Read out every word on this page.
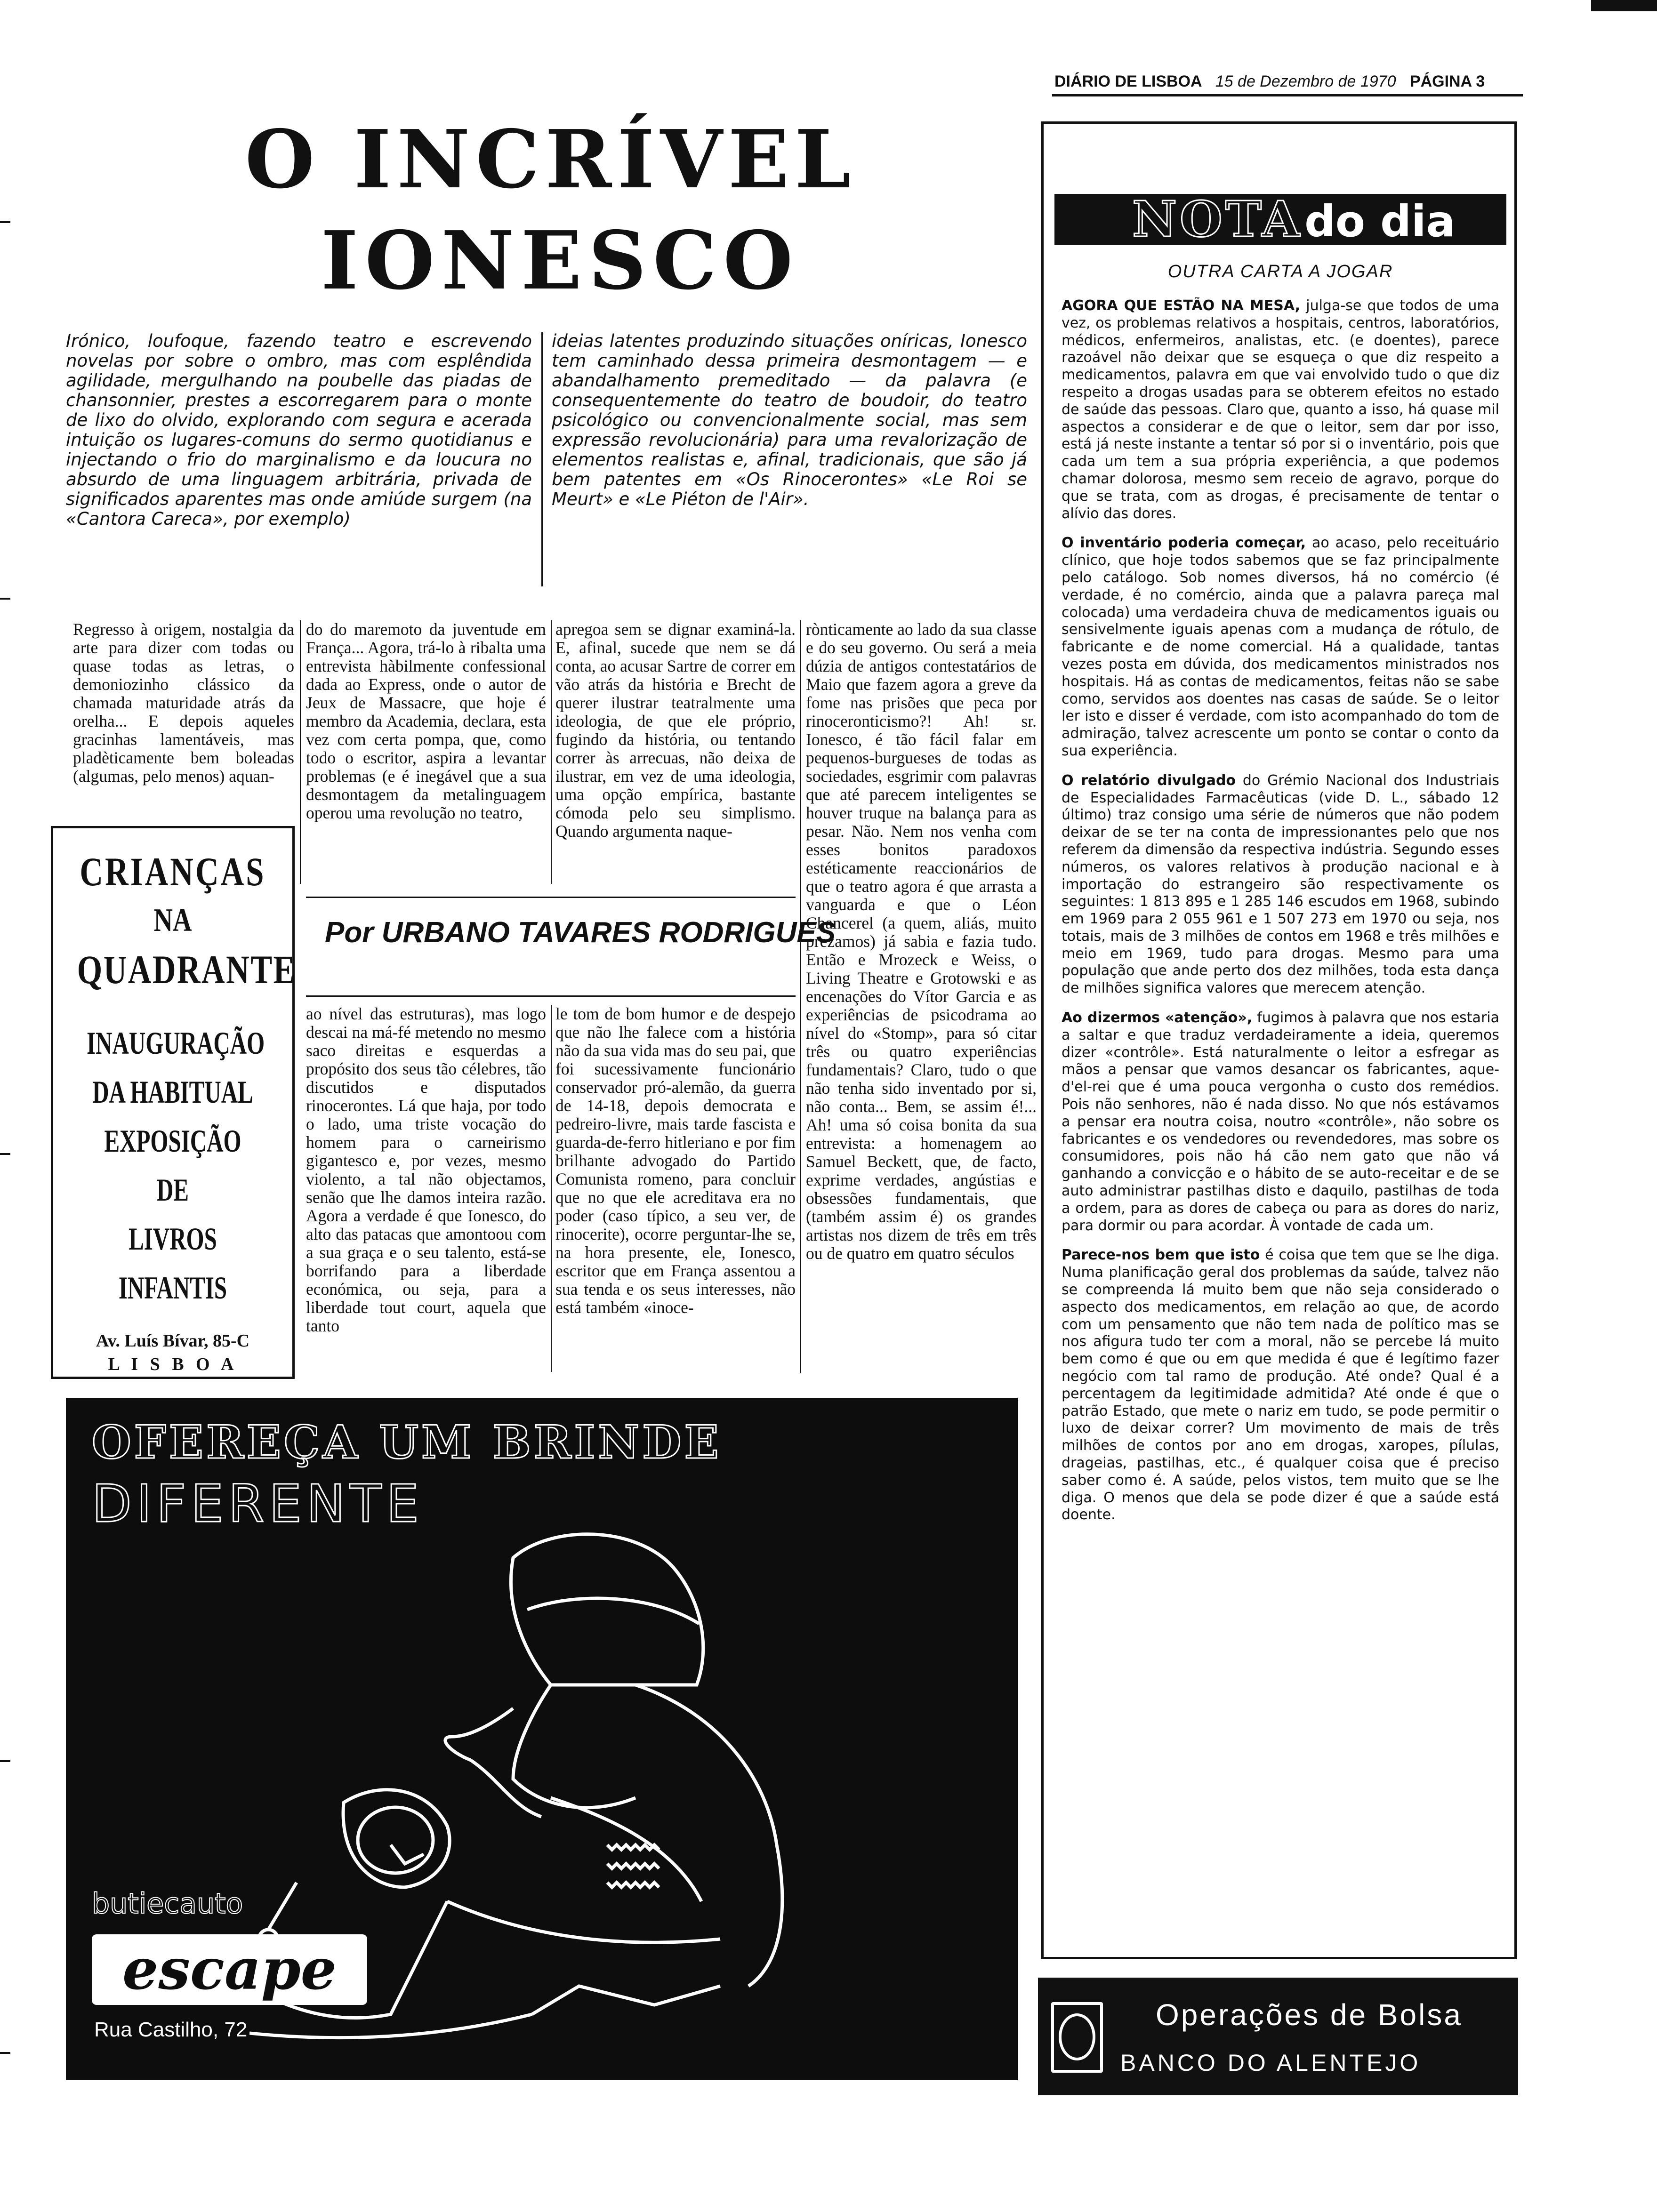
DIÁRIO DE LISBOA 15 de Dezembro de 1970 PÁGINA 3
O INCRÍVEL
IONESCO
Irónico, loufoque, fazendo teatro e escrevendo novelas por sobre o ombro, mas com esplêndida agilidade, mergulhando na poubelle das piadas de chansonnier, prestes a escorregarem para o monte de lixo do olvido, explorando com segura e acerada intuição os lugares-comuns do sermo quotidianus e injectando o frio do marginalismo e da loucura no absurdo de uma linguagem arbitrária, privada de significados aparentes mas onde amiúde surgem (na «Cantora Careca», por exemplo)
ideias latentes produzindo situações oníricas, Ionesco tem caminhado dessa primeira desmontagem — e abandalhamento premeditado — da palavra (e consequentemente do teatro de boudoir, do teatro psicológico ou convencionalmente social, mas sem expressão revolucionária) para uma revalorização de elementos realistas e, afinal, tradicionais, que são já bem patentes em «Os Rinocerontes» «Le Roi se Meurt» e «Le Piéton de l'Air».
Regresso à origem, nostalgia da arte para dizer com todas ou quase todas as letras, o demoniozinho clássico da chamada maturidade atrás da orelha... E depois aqueles gracinhas lamentáveis, mas pladèticamente bem boleadas (algumas, pelo menos) aquan-
do do maremoto da juventude em França... Agora, trá-lo à ribalta uma entrevista hàbilmente confessional dada ao Express, onde o autor de Jeux de Massacre, que hoje é membro da Academia, declara, esta vez com certa pompa, que, como todo o escritor, aspira a levantar problemas (e é inegável que a sua desmontagem da metalinguagem operou uma revolução no teatro,
apregoa sem se dignar examiná-la. E, afinal, sucede que nem se dá conta, ao acusar Sartre de correr em vão atrás da história e Brecht de querer ilustrar teatralmente uma ideologia, de que ele próprio, fugindo da história, ou tentando correr às arrecuas, não deixa de ilustrar, em vez de uma ideologia, uma opção empírica, bastante cómoda pelo seu simplismo. Quando argumenta naque-
rònticamente ao lado da sua classe e do seu governo. Ou será a meia dúzia de antigos contestatários de Maio que fazem agora a greve da fome nas prisões que peca por rinoceronticismo?! Ah! sr. Ionesco, é tão fácil falar em pequenos-burgueses de todas as sociedades, esgrimir com palavras que até parecem inteligentes se houver truque na balança para as pesar. Não. Nem nos venha com esses bonitos paradoxos estéticamente reaccionários de que o teatro agora é que arrasta a vanguarda e que o Léon Chancerel (a quem, aliás, muito prezamos) já sabia e fazia tudo. Então e Mrozeck e Weiss, o Living Theatre e Grotowski e as encenações do Vítor Garcia e as experiências de psicodrama ao nível do «Stomp», para só citar três ou quatro experiências fundamentais? Claro, tudo o que não tenha sido inventado por si, não conta... Bem, se assim é!... Ah! uma só coisa bonita da sua entrevista: a homenagem ao Samuel Beckett, que, de facto, exprime verdades, angústias e obsessões fundamentais, que (também assim é) os grandes artistas nos dizem de três em três ou de quatro em quatro séculos
CRIANÇAS
NA
QUADRANTE
INAUGURAÇÃO
DA HABITUAL
EXPOSIÇÃO DE
LIVROS INFANTIS
Av. Luís Bívar, 85-C
L I S B O A
Por URBANO TAVARES RODRIGUES
ao nível das estruturas), mas logo descai na má-fé metendo no mesmo saco direitas e esquerdas a propósito dos seus tão célebres, tão discutidos e disputados rinocerontes. Lá que haja, por todo o lado, uma triste vocação do homem para o carneirismo gigantesco e, por vezes, mesmo violento, a tal não objectamos, senão que lhe damos inteira razão. Agora a verdade é que Ionesco, do alto das patacas que amontoou com a sua graça e o seu talento, está-se borrifando para a liberdade económica, ou seja, para a liberdade tout court, aquela que tanto
le tom de bom humor e de despejo que não lhe falece com a história não da sua vida mas do seu pai, que foi sucessivamente funcionário conservador pró-alemão, da guerra de 14-18, depois democrata e pedreiro-livre, mais tarde fascista e guarda-de-ferro hitleriano e por fim brilhante advogado do Partido Comunista romeno, para concluir que no que ele acreditava era no poder (caso típico, a seu ver, de rinocerite), ocorre perguntar-lhe se, na hora presente, ele, Ionesco, escritor que em França assentou a sua tenda e os seus interesses, não está também «inoce-
OFEREÇA UM BRINDE
DIFERENTE
butiecauto
escape
Rua Castilho, 72
NOTA do dia
OUTRA CARTA A JOGAR

AGORA QUE ESTÃO NA MESA, julga-se que todos de uma vez, os problemas relativos a hospitais, centros, laboratórios, médicos, enfermeiros, analistas, etc. (e doentes), parece razoável não deixar que se esqueça o que diz respeito a medicamentos, palavra em que vai envolvido tudo o que diz respeito a drogas usadas para se obterem efeitos no estado de saúde das pessoas. Claro que, quanto a isso, há quase mil aspectos a considerar e de que o leitor, sem dar por isso, está já neste instante a tentar só por si o inventário, pois que cada um tem a sua própria experiência, a que podemos chamar dolorosa, mesmo sem receio de agravo, porque do que se trata, com as drogas, é precisamente de tentar o alívio das dores.

O inventário poderia começar, ao acaso, pelo receituário clínico, que hoje todos sabemos que se faz principalmente pelo catálogo. Sob nomes diversos, há no comércio (é verdade, é no comércio, ainda que a palavra pareça mal colocada) uma verdadeira chuva de medicamentos iguais ou sensivelmente iguais apenas com a mudança de rótulo, de fabricante e de nome comercial. Há a qualidade, tantas vezes posta em dúvida, dos medicamentos ministrados nos hospitais. Há as contas de medicamentos, feitas não se sabe como, servidos aos doentes nas casas de saúde. Se o leitor ler isto e disser é verdade, com isto acompanhado do tom de admiração, talvez acrescente um ponto se contar o conto da sua experiência.

O relatório divulgado do Grémio Nacional dos Industriais de Especialidades Farmacêuticas (vide D. L., sábado 12 último) traz consigo uma série de números que não podem deixar de se ter na conta de impressionantes pelo que nos referem da dimensão da respectiva indústria. Segundo esses números, os valores relativos à produção nacional e à importação do estrangeiro são respectivamente os seguintes: 1 813 895 e 1 285 146 escudos em 1968, subindo em 1969 para 2 055 961 e 1 507 273 em 1970 ou seja, nos totais, mais de 3 milhões de contos em 1968 e três milhões e meio em 1969, tudo para drogas. Mesmo para uma população que ande perto dos dez milhões, toda esta dança de milhões significa valores que merecem atenção.

Ao dizermos «atenção», fugimos à palavra que nos estaria a saltar e que traduz verdadeiramente a ideia, queremos dizer «contrôle». Está naturalmente o leitor a esfregar as mãos a pensar que vamos desancar os fabricantes, aque-d'el-rei que é uma pouca vergonha o custo dos remédios. Pois não senhores, não é nada disso. No que nós estávamos a pensar era noutra coisa, noutro «contrôle», não sobre os fabricantes e os vendedores ou revendedores, mas sobre os consumidores, pois não há cão nem gato que não vá ganhando a convicção e o hábito de se auto-receitar e de se auto administrar pastilhas disto e daquilo, pastilhas de toda a ordem, para as dores de cabeça ou para as dores do nariz, para dormir ou para acordar. À vontade de cada um.

Parece-nos bem que isto é coisa que tem que se lhe diga. Numa planificação geral dos problemas da saúde, talvez não se compreenda lá muito bem que não seja considerado o aspecto dos medicamentos, em relação ao que, de acordo com um pensamento que não tem nada de político mas se nos afigura tudo ter com a moral, não se percebe lá muito bem como é que ou em que medida é que é legítimo fazer negócio com tal ramo de produção. Até onde? Qual é a percentagem da legitimidade admitida? Até onde é que o patrão Estado, que mete o nariz em tudo, se pode permitir o luxo de deixar correr? Um movimento de mais de três milhões de contos por ano em drogas, xaropes, pílulas, drageias, pastilhas, etc., é qualquer coisa que é preciso saber como é. A saúde, pelos vistos, tem muito que se lhe diga. O menos que dela se pode dizer é que a saúde está doente.

Operações de Bolsa
BANCO DO ALENTEJO
